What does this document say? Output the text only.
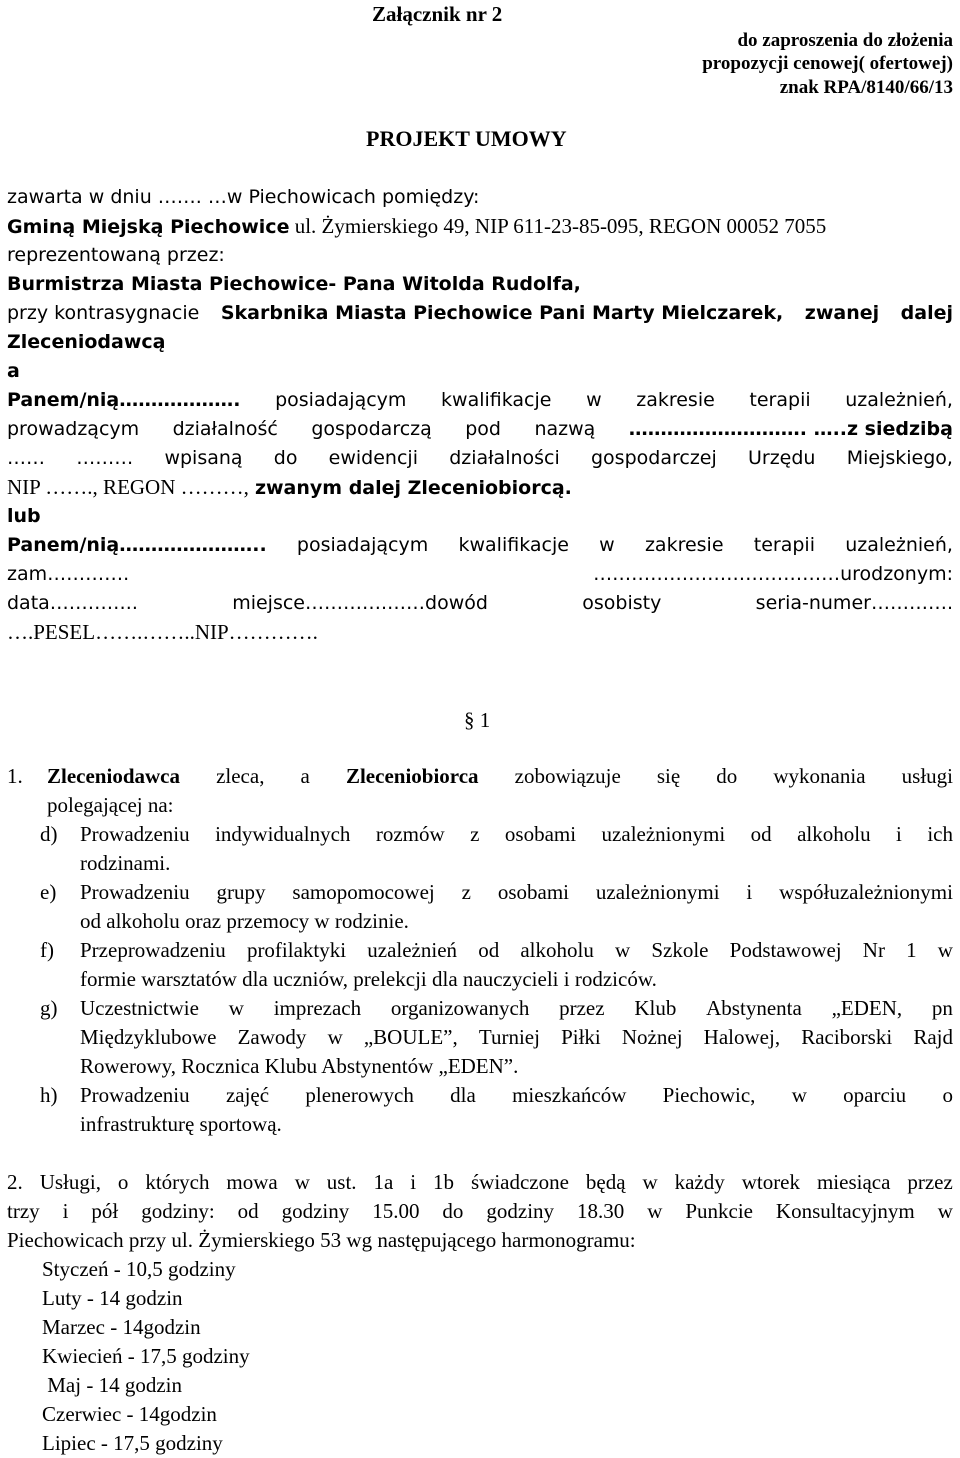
Załącznik nr 2
do zaproszenia do złożenia
propozycji cenowej( ofertowej)
znak RPA/8140/66/13
PROJEKT UMOWY
zawarta w dniu ……. …w Piechowicach pomiędzy:
Gminą Miejską Piechowice ul. Żymierskiego 49, NIP 611-23-85-095, REGON 00052 7055
reprezentowaną przez:
Burmistrza Miasta Piechowice- Pana Witolda Rudolfa,
przy kontrasygnacie Skarbnika Miasta Piechowice Pani Marty Mielczarek, zwanej dalej
Zleceniodawcą
a
Panem/nią………………. posiadającym kwalifikacje w zakresie terapii uzależnień,
prowadzącym działalność gospodarczą pod nazwą ………………………. …..z siedzibą
…… ……… wpisaną do ewidencji działalności gospodarczej Urzędu Miejskiego,
NIP ……., REGON ………, zwanym dalej Zleceniobiorcą.
lub
Panem/nią………………….. posiadającym kwalifikacje w zakresie terapii uzależnień,
zam………….	…………………………………urodzonym:
data…………..	miejsce………….……dowód	osobisty	seria-numer………….
….PESEL…….……..NIP………….
§ 1
1. Zleceniodawca zleca, a Zleceniobiorca zobowiązuje się do wykonania usługi
polegającej na:
d) Prowadzeniu indywidualnych rozmów z osobami uzależnionymi od alkoholu i ich
rodzinami.
e) Prowadzeniu grupy samopomocowej z osobami uzależnionymi i współuzależnionymi
od alkoholu oraz przemocy w rodzinie.
f) Przeprowadzeniu profilaktyki uzależnień od alkoholu w Szkole Podstawowej Nr 1 w
formie warsztatów dla uczniów, prelekcji dla nauczycieli i rodziców.
g) Uczestnictwie w imprezach organizowanych przez Klub Abstynenta „EDEN, pn
Międzyklubowe Zawody w „BOULE”, Turniej Piłki Nożnej Halowej, Raciborski Rajd
Rowerowy, Rocznica Klubu Abstynentów „EDEN”.
h) Prowadzeniu zajęć plenerowych dla mieszkańców Piechowic, w oparciu o
infrastrukturę sportową.
2. Usługi, o których mowa w ust. 1a i 1b świadczone będą w każdy wtorek miesiąca przez
trzy i pół godziny: od godziny 15.00 do godziny 18.30 w Punkcie Konsultacyjnym w
Piechowicach przy ul. Żymierskiego 53 wg następującego harmonogramu:
Styczeń - 10,5 godziny
Luty - 14 godzin
Marzec - 14godzin
Kwiecień - 17,5 godziny
Maj - 14 godzin
Czerwiec - 14godzin
Lipiec - 17,5 godziny
